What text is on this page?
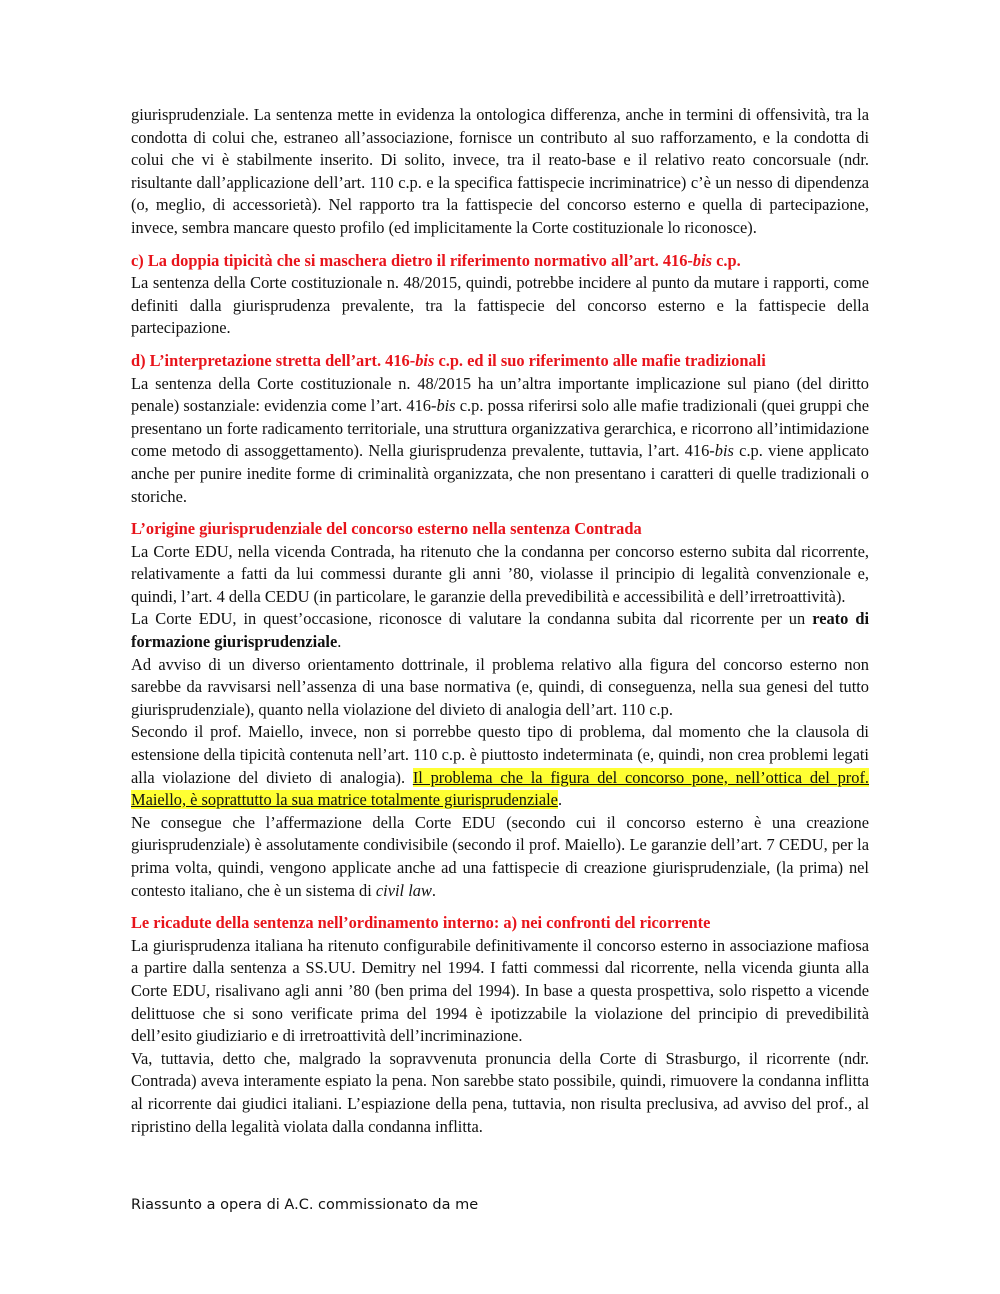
giurisprudenziale. La sentenza mette in evidenza la ontologica differenza, anche in termini di offensività, tra la condotta di colui che, estraneo all’associazione, fornisce un contributo al suo rafforzamento, e la condotta di colui che vi è stabilmente inserito. Di solito, invece, tra il reato-base e il relativo reato concorsuale (ndr. risultante dall’applicazione dell’art. 110 c.p. e la specifica fattispecie incriminatrice) c’è un nesso di dipendenza (o, meglio, di accessorietà). Nel rapporto tra la fattispecie del concorso esterno e quella di partecipazione, invece, sembra mancare questo profilo (ed implicitamente la Corte costituzionale lo riconosce).

c) La doppia tipicità che si maschera dietro il riferimento normativo all’art. 416-bis c.p.

La sentenza della Corte costituzionale n. 48/2015, quindi, potrebbe incidere al punto da mutare i rapporti, come definiti dalla giurisprudenza prevalente, tra la fattispecie del concorso esterno e la fattispecie della partecipazione.

d) L’interpretazione stretta dell’art. 416-bis c.p. ed il suo riferimento alle mafie tradizionali

La sentenza della Corte costituzionale n. 48/2015 ha un’altra importante implicazione sul piano (del diritto penale) sostanziale: evidenzia come l’art. 416-bis c.p. possa riferirsi solo alle mafie tradizionali (quei gruppi che presentano un forte radicamento territoriale, una struttura organizzativa gerarchica, e ricorrono all’intimidazione come metodo di assoggettamento). Nella giurisprudenza prevalente, tuttavia, l’art. 416-bis c.p. viene applicato anche per punire inedite forme di criminalità organizzata, che non presentano i caratteri di quelle tradizionali o storiche.

L’origine giurisprudenziale del concorso esterno nella sentenza Contrada

La Corte EDU, nella vicenda Contrada, ha ritenuto che la condanna per concorso esterno subita dal ricorrente, relativamente a fatti da lui commessi durante gli anni ’80, violasse il principio di legalità convenzionale e, quindi, l’art. 4 della CEDU (in particolare, le garanzie della prevedibilità e accessibilità e dell’irretroattività).

La Corte EDU, in quest’occasione, riconosce di valutare la condanna subita dal ricorrente per un reato di formazione giurisprudenziale.

Ad avviso di un diverso orientamento dottrinale, il problema relativo alla figura del concorso esterno non sarebbe da ravvisarsi nell’assenza di una base normativa (e, quindi, di conseguenza, nella sua genesi del tutto giurisprudenziale), quanto nella violazione del divieto di analogia dell’art. 110 c.p.

Secondo il prof. Maiello, invece, non si porrebbe questo tipo di problema, dal momento che la clausola di estensione della tipicità contenuta nell’art. 110 c.p. è piuttosto indeterminata (e, quindi, non crea problemi legati alla violazione del divieto di analogia). Il problema che la figura del concorso pone, nell’ottica del prof. Maiello, è soprattutto la sua matrice totalmente giurisprudenziale.

Ne consegue che l’affermazione della Corte EDU (secondo cui il concorso esterno è una creazione giurisprudenziale) è assolutamente condivisibile (secondo il prof. Maiello). Le garanzie dell’art. 7 CEDU, per la prima volta, quindi, vengono applicate anche ad una fattispecie di creazione giurisprudenziale, (la prima) nel contesto italiano, che è un sistema di civil law.

Le ricadute della sentenza nell’ordinamento interno: a) nei confronti del ricorrente

La giurisprudenza italiana ha ritenuto configurabile definitivamente il concorso esterno in associazione mafiosa a partire dalla sentenza a SS.UU. Demitry nel 1994. I fatti commessi dal ricorrente, nella vicenda giunta alla Corte EDU, risalivano agli anni ’80 (ben prima del 1994). In base a questa prospettiva, solo rispetto a vicende delittuose che si sono verificate prima del 1994 è ipotizzabile la violazione del principio di prevedibilità dell’esito giudiziario e di irretroattività dell’incriminazione.

Va, tuttavia, detto che, malgrado la sopravvenuta pronuncia della Corte di Strasburgo, il ricorrente (ndr. Contrada) aveva interamente espiato la pena. Non sarebbe stato possibile, quindi, rimuovere la condanna inflitta al ricorrente dai giudici italiani. L’espiazione della pena, tuttavia, non risulta preclusiva, ad avviso del prof., al ripristino della legalità violata dalla condanna inflitta.

Riassunto a opera di A.C. commissionato da me
